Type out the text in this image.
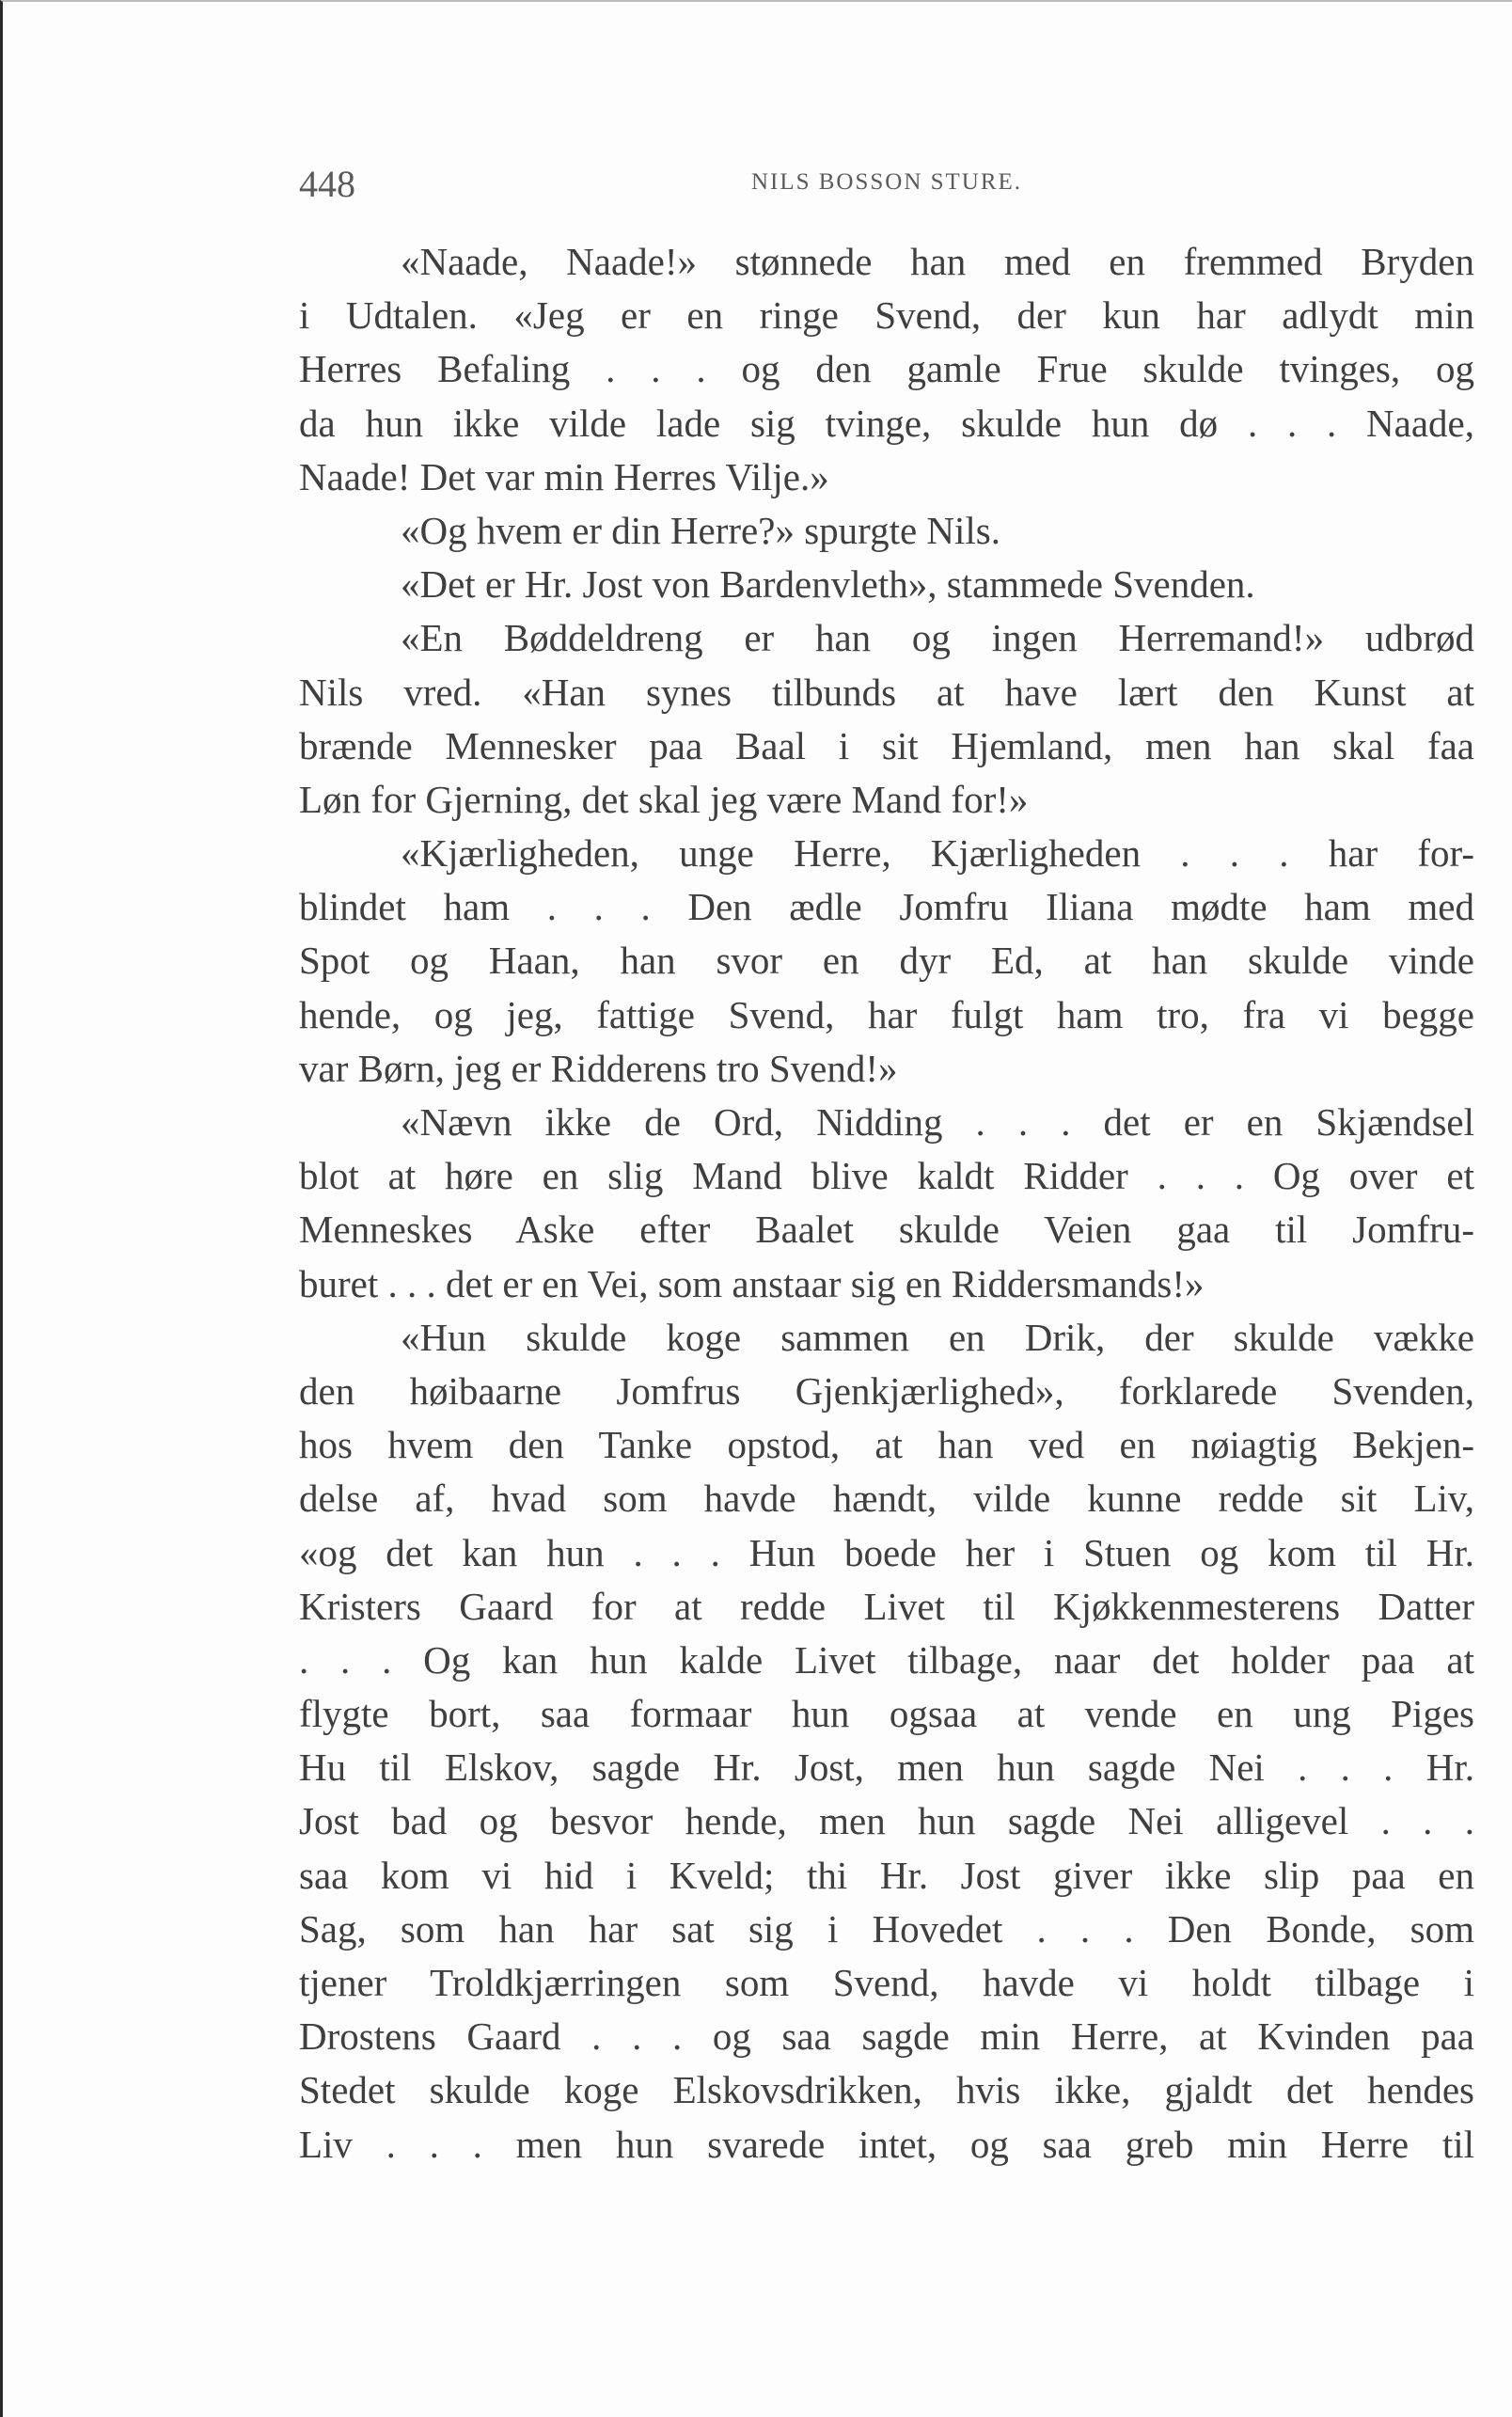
448	NILS BOSSON STURE.
«Naade, Naade!» stønnede han med en fremmed Bryden
i Udtalen. «Jeg er en ringe Svend, der kun har adlydt min
Herres Befaling . . . og den gamle Frue skulde tvinges, og
da hun ikke vilde lade sig tvinge, skulde hun dø . . . Naade,
Naade! Det var min Herres Vilje.»
«Og hvem er din Herre?» spurgte Nils.
«Det er Hr. Jost von Bardenvleth», stammede Svenden.
«En Bøddeldreng er han og ingen Herremand!» udbrød
Nils vred. «Han synes tilbunds at have lært den Kunst at
brænde Mennesker paa Baal i sit Hjemland, men han skal faa
Løn for Gjerning, det skal jeg være Mand for!»
«Kjærligheden, unge Herre, Kjærligheden . . . har for-
blindet ham . . . Den ædle Jomfru Iliana mødte ham med
Spot og Haan, han svor en dyr Ed, at han skulde vinde
hende, og jeg, fattige Svend, har fulgt ham tro, fra vi begge
var Børn, jeg er Ridderens tro Svend!»
«Nævn ikke de Ord, Nidding . . . det er en Skjændsel
blot at høre en slig Mand blive kaldt Ridder . . . Og over et
Menneskes Aske efter Baalet skulde Veien gaa til Jomfru-
buret . . . det er en Vei, som anstaar sig en Riddersmands!»
«Hun skulde koge sammen en Drik, der skulde vække
den høibaarne Jomfrus Gjenkjærlighed», forklarede Svenden,
hos hvem den Tanke opstod, at han ved en nøiagtig Bekjen-
delse af, hvad som havde hændt, vilde kunne redde sit Liv,
«og det kan hun . . . Hun boede her i Stuen og kom til Hr.
Kristers Gaard for at redde Livet til Kjøkkenmesterens Datter
. . . Og kan hun kalde Livet tilbage, naar det holder paa at
flygte bort, saa formaar hun ogsaa at vende en ung Piges
Hu til Elskov, sagde Hr. Jost, men hun sagde Nei . . . Hr.
Jost bad og besvor hende, men hun sagde Nei alligevel . . .
saa kom vi hid i Kveld; thi Hr. Jost giver ikke slip paa en
Sag, som han har sat sig i Hovedet . . . Den Bonde, som
tjener Troldkjærringen som Svend, havde vi holdt tilbage i
Drostens Gaard . . . og saa sagde min Herre, at Kvinden paa
Stedet skulde koge Elskovsdrikken, hvis ikke, gjaldt det hendes
Liv . . . men hun svarede intet, og saa greb min Herre til
